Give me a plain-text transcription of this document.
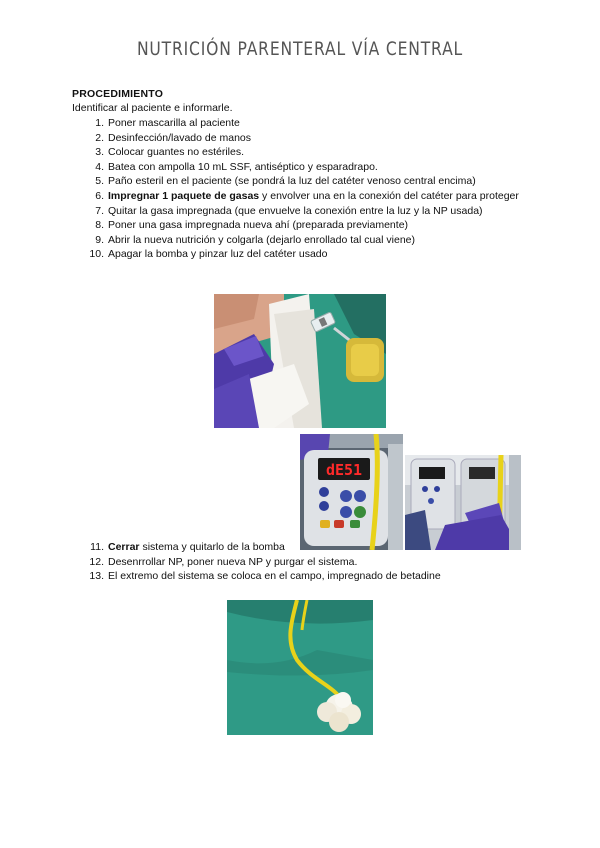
NUTRICIÓN PARENTERAL VÍA CENTRAL
PROCEDIMIENTO
Identificar al paciente e informarle.
1. Poner mascarilla al paciente
2. Desinfección/lavado de manos
3. Colocar guantes no estériles.
4. Batea con ampolla 10 mL SSF, antiséptico y esparadrapo.
5. Paño esteril en el paciente (se pondrá la luz del catéter venoso central encima)
6. Impregnar 1 paquete de gasas y envolver una en la conexión del catéter para proteger
7. Quitar la gasa impregnada (que envuelve la conexión entre la luz y la NP usada)
8. Poner una gasa impregnada nueva ahí (preparada previamente)
9. Abrir la nueva nutrición y colgarla (dejarlo enrollado tal cual viene)
10. Apagar la bomba y pinzar luz del catéter usado
dE51
11. Cerrar sistema y quitarlo de la bomba
12. Desenrrollar NP, poner nueva NP y purgar el sistema.
13. El extremo del sistema se coloca en el campo, impregnado de betadine
